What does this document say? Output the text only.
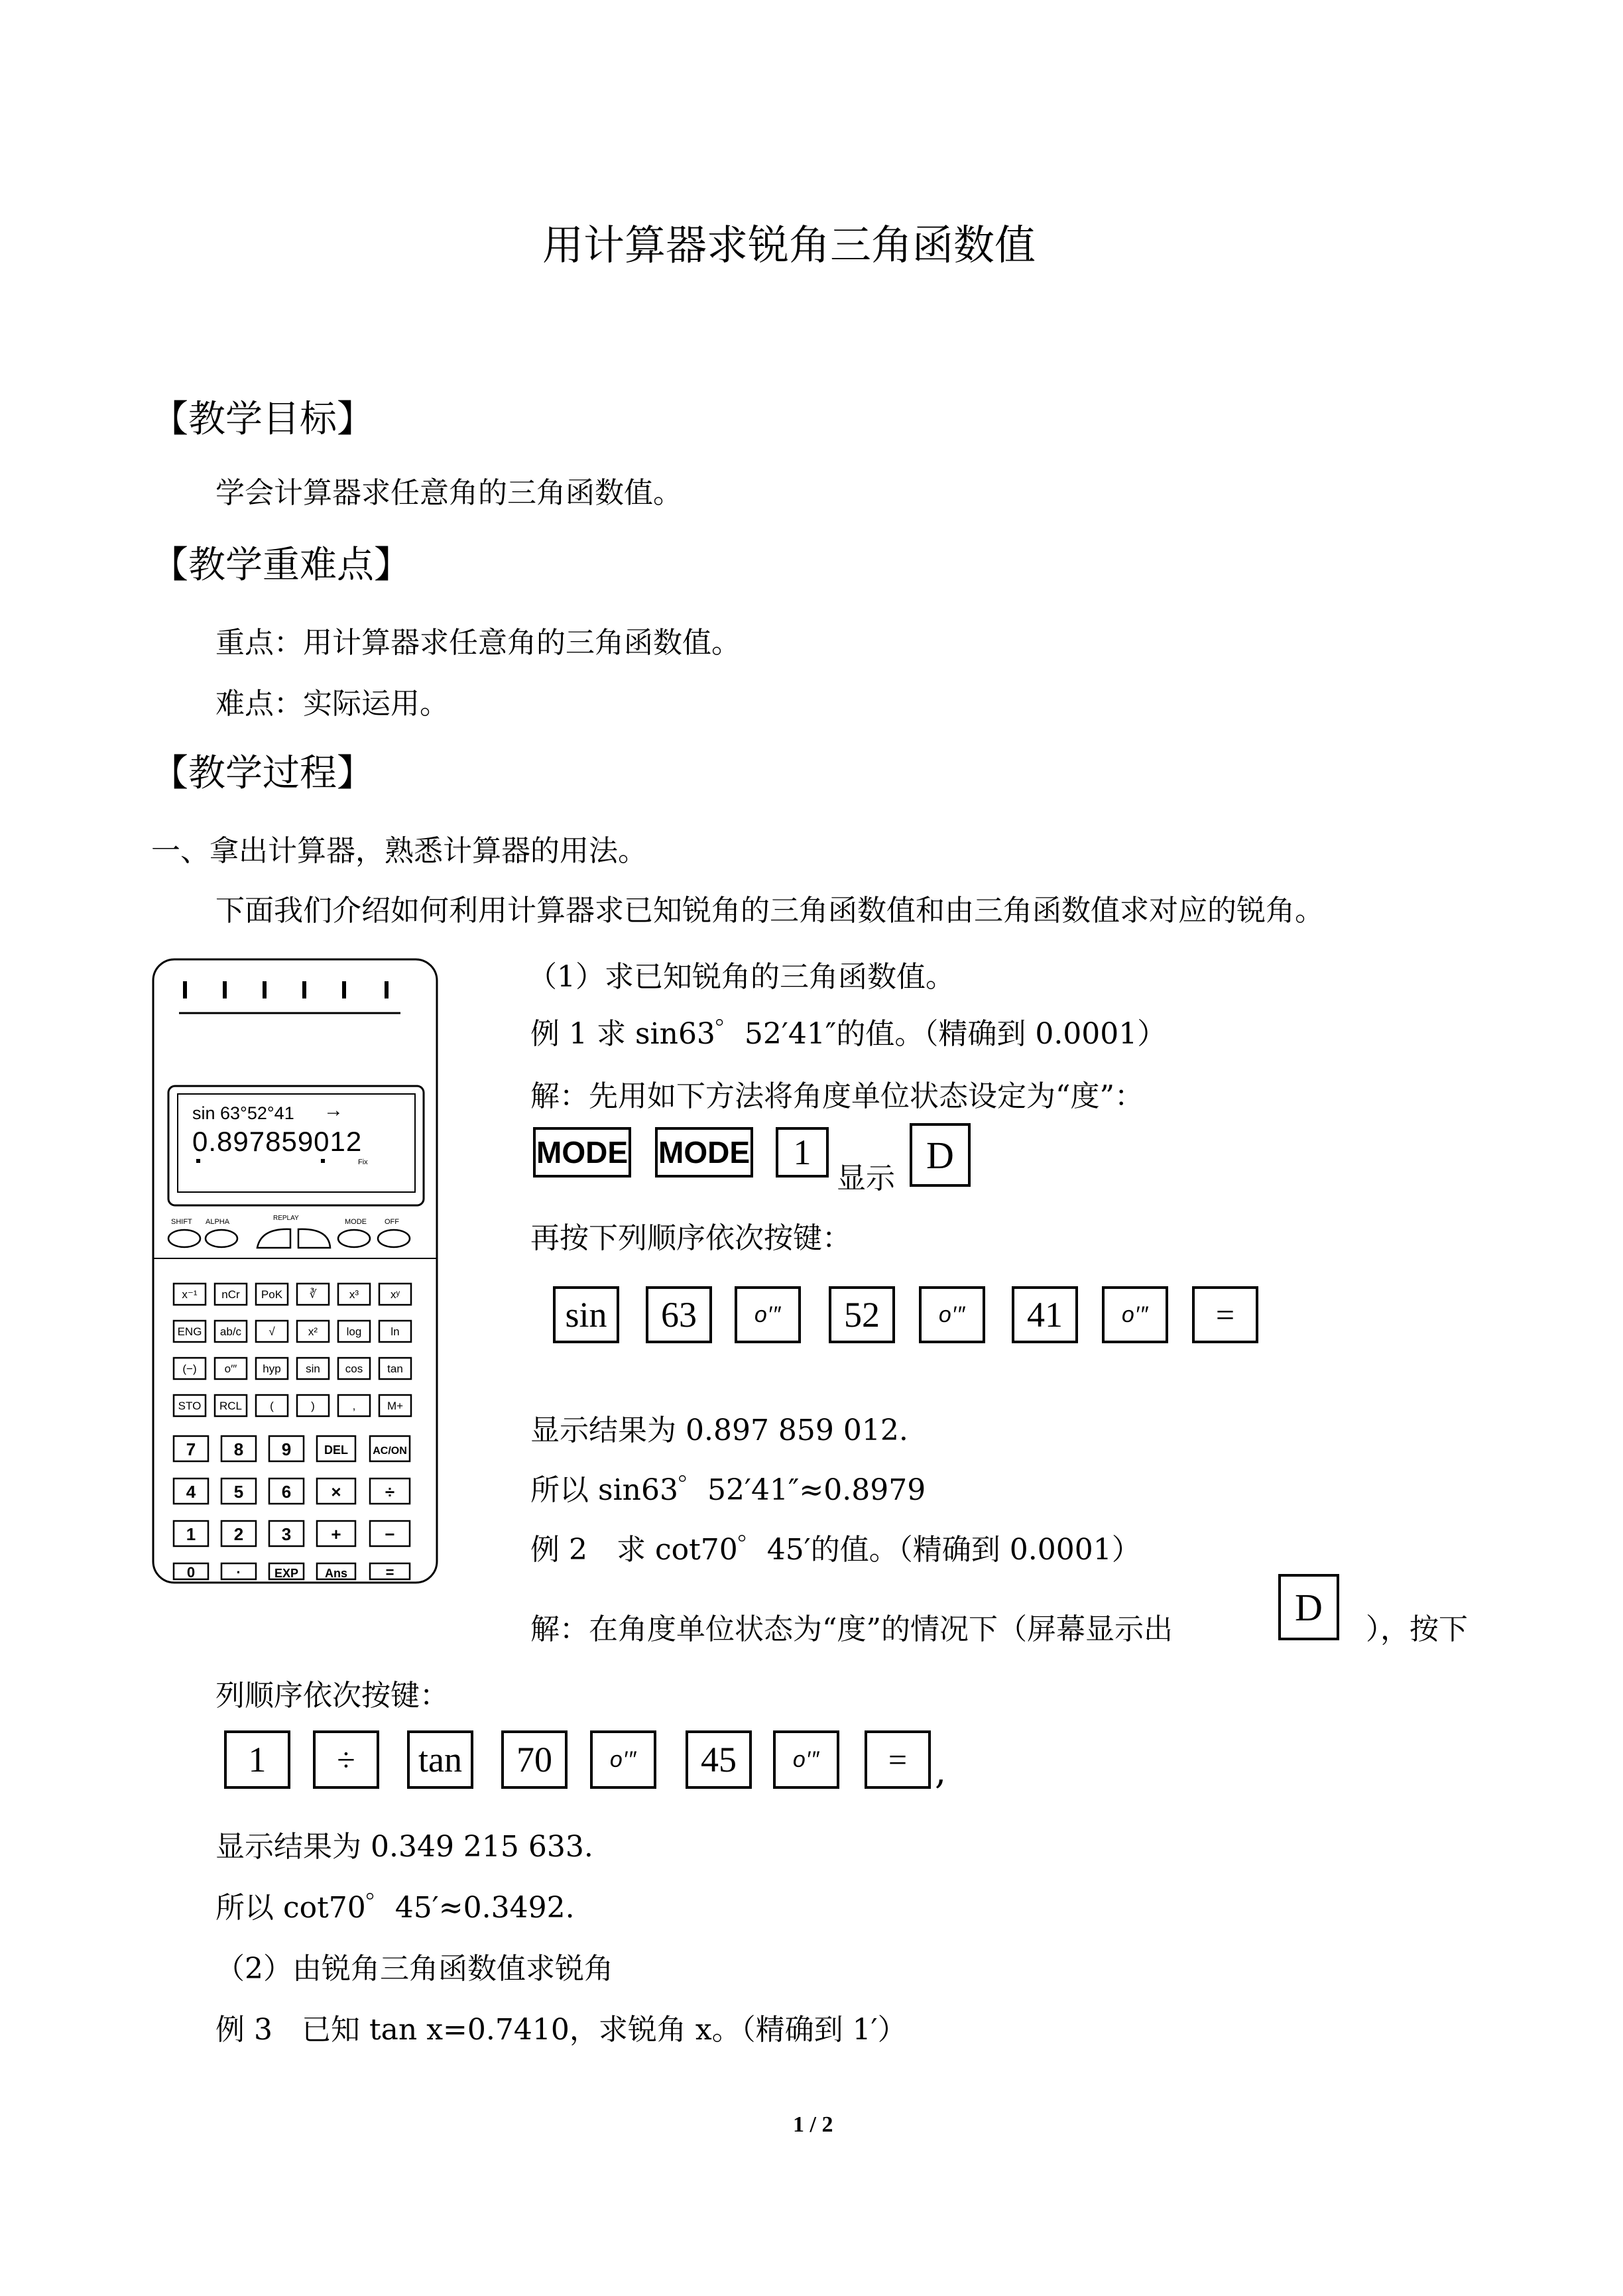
用计算器求锐角三角函数值
【教学目标】
学会计算器求任意角的三角函数值。
【教学重难点】
重点：用计算器求任意角的三角函数值。
难点：实际运用。
【教学过程】
一、拿出计算器，熟悉计算器的用法。
下面我们介绍如何利用计算器求已知锐角的三角函数值和由三角函数值求对应的锐角。
sin 63°52°41 →
0.897859012
Fix
SHIFT ALPHA	REPLAY	MODE OFF
x⁻¹ nCr PoK ∛	x³	xʸ
ENG ab/c √	x²	log	ln
(−) o′″ hyp sin cos tan
STO RCL (	)	,	M+
7 8 9	DEL AC/ON
4 5 6 ×	÷
1 2 3 +	−
0	·	EXP Ans	=
（1）求已知锐角的三角函数值。
例 1 求 sin63゜52′41″的值。（精确到 0.0001）
解：先用如下方法将角度单位状态设定为“度”：
MODE MODE	1
显示
D
再按下列顺序依次按键：
sin	63	o′″	52	o′″	41	o′″	=
显示结果为 0.897 859 012.
所以 sin63゜52′41″≈0.8979
例 2　求 cot70゜45′的值。（精确到 0.0001）
解：在角度单位状态为“度”的情况下（屏幕显示出
D
），按下
列顺序依次按键：
1	÷	tan	70	o′″	45	o′″	= ,
显示结果为 0.349 215 633.
所以 cot70゜45′≈0.3492.
（2）由锐角三角函数值求锐角
例 3　已知 tan x=0.7410，求锐角 x。（精确到 1′）
1 / 2
